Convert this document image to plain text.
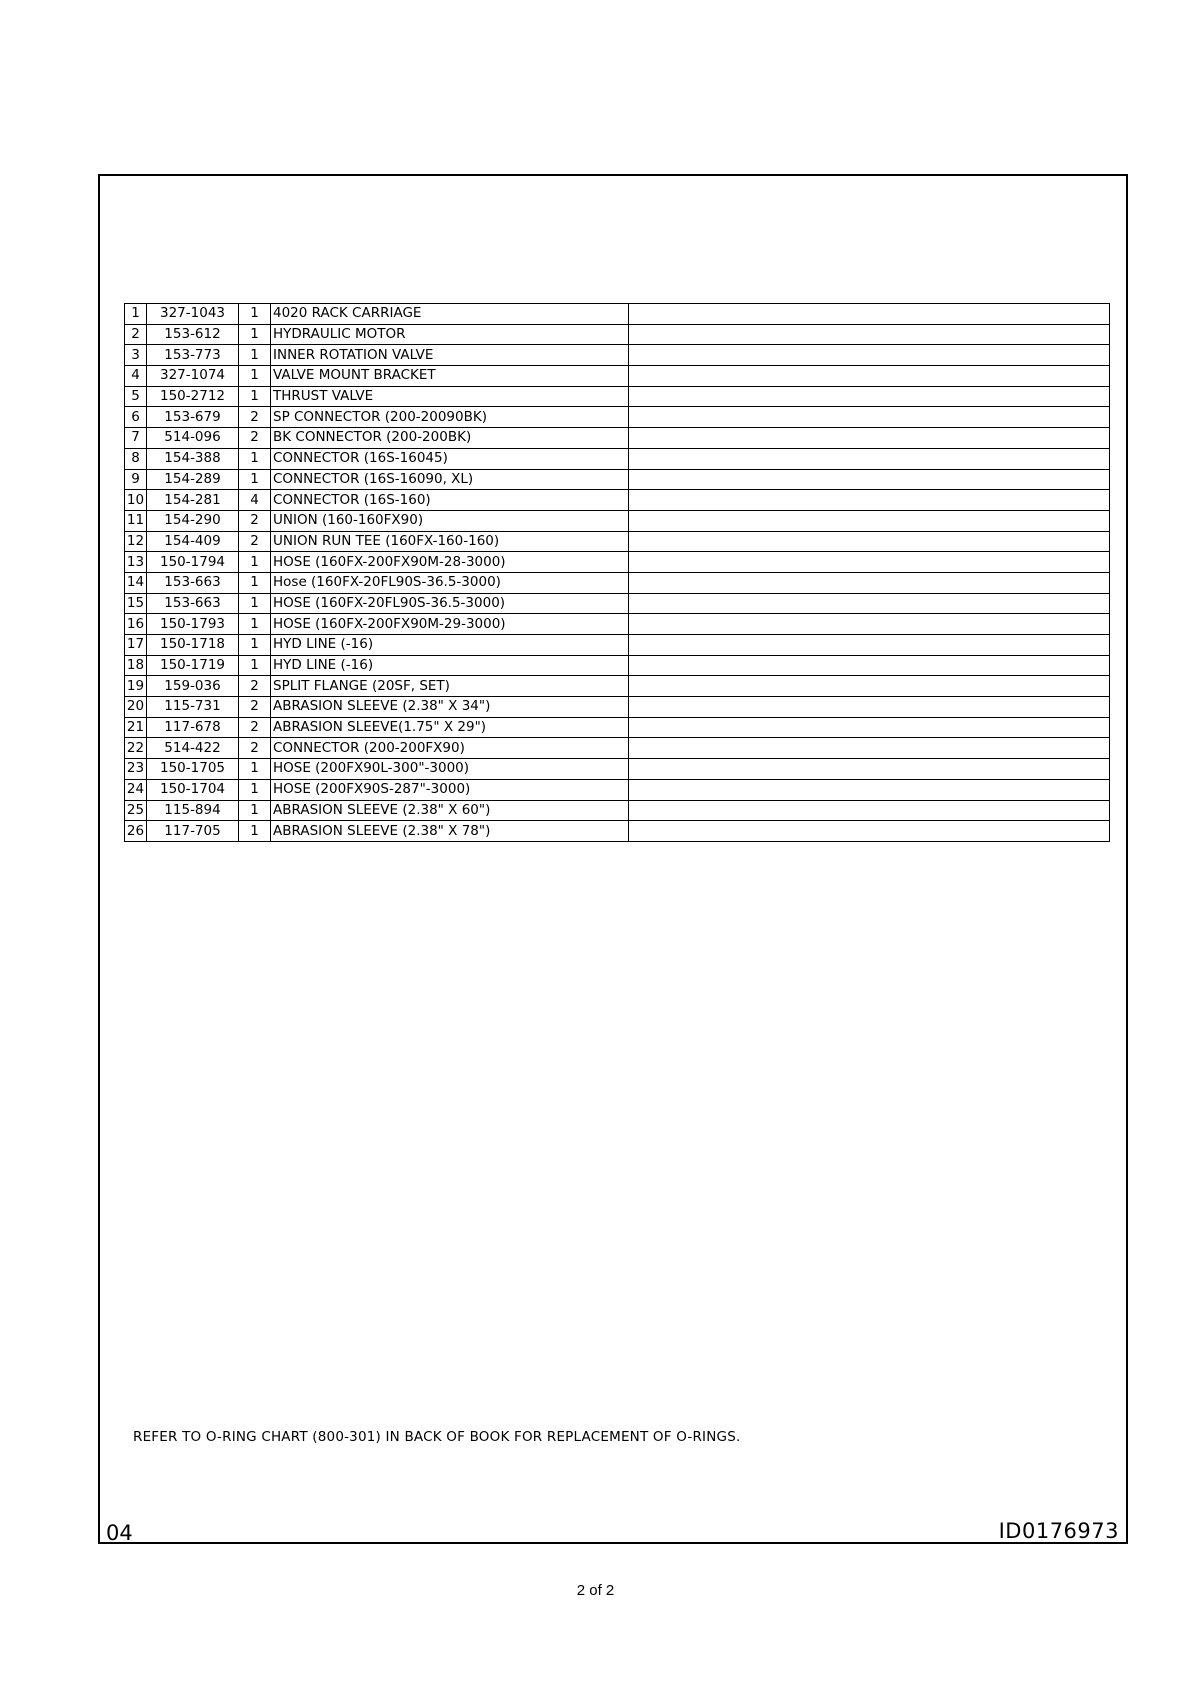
1	327-1043	1	4020 RACK CARRIAGE	
2	153-612	1	HYDRAULIC MOTOR	
3	153-773	1	INNER ROTATION VALVE	
4	327-1074	1	VALVE MOUNT BRACKET	
5	150-2712	1	THRUST VALVE	
6	153-679	2	SP CONNECTOR (200-20090BK)	
7	514-096	2	BK CONNECTOR (200-200BK)	
8	154-388	1	CONNECTOR (16S-16045)	
9	154-289	1	CONNECTOR (16S-16090, XL)	
10	154-281	4	CONNECTOR (16S-160)	
11	154-290	2	UNION (160-160FX90)	
12	154-409	2	UNION RUN TEE (160FX-160-160)	
13	150-1794	1	HOSE (160FX-200FX90M-28-3000)	
14	153-663	1	Hose (160FX-20FL90S-36.5-3000)	
15	153-663	1	HOSE (160FX-20FL90S-36.5-3000)	
16	150-1793	1	HOSE (160FX-200FX90M-29-3000)	
17	150-1718	1	HYD LINE (-16)	
18	150-1719	1	HYD LINE (-16)	
19	159-036	2	SPLIT FLANGE (20SF, SET)	
20	115-731	2	ABRASION SLEEVE (2.38" X 34")	
21	117-678	2	ABRASION SLEEVE(1.75" X 29")	
22	514-422	2	CONNECTOR (200-200FX90)	
23	150-1705	1	HOSE (200FX90L-300"-3000)	
24	150-1704	1	HOSE (200FX90S-287"-3000)	
25	115-894	1	ABRASION SLEEVE (2.38" X 60")	
26	117-705	1	ABRASION SLEEVE (2.38" X 78")	
REFER TO O-RING CHART (800-301) IN BACK OF BOOK FOR REPLACEMENT OF O-RINGS.
04	ID0176973
2 of 2
